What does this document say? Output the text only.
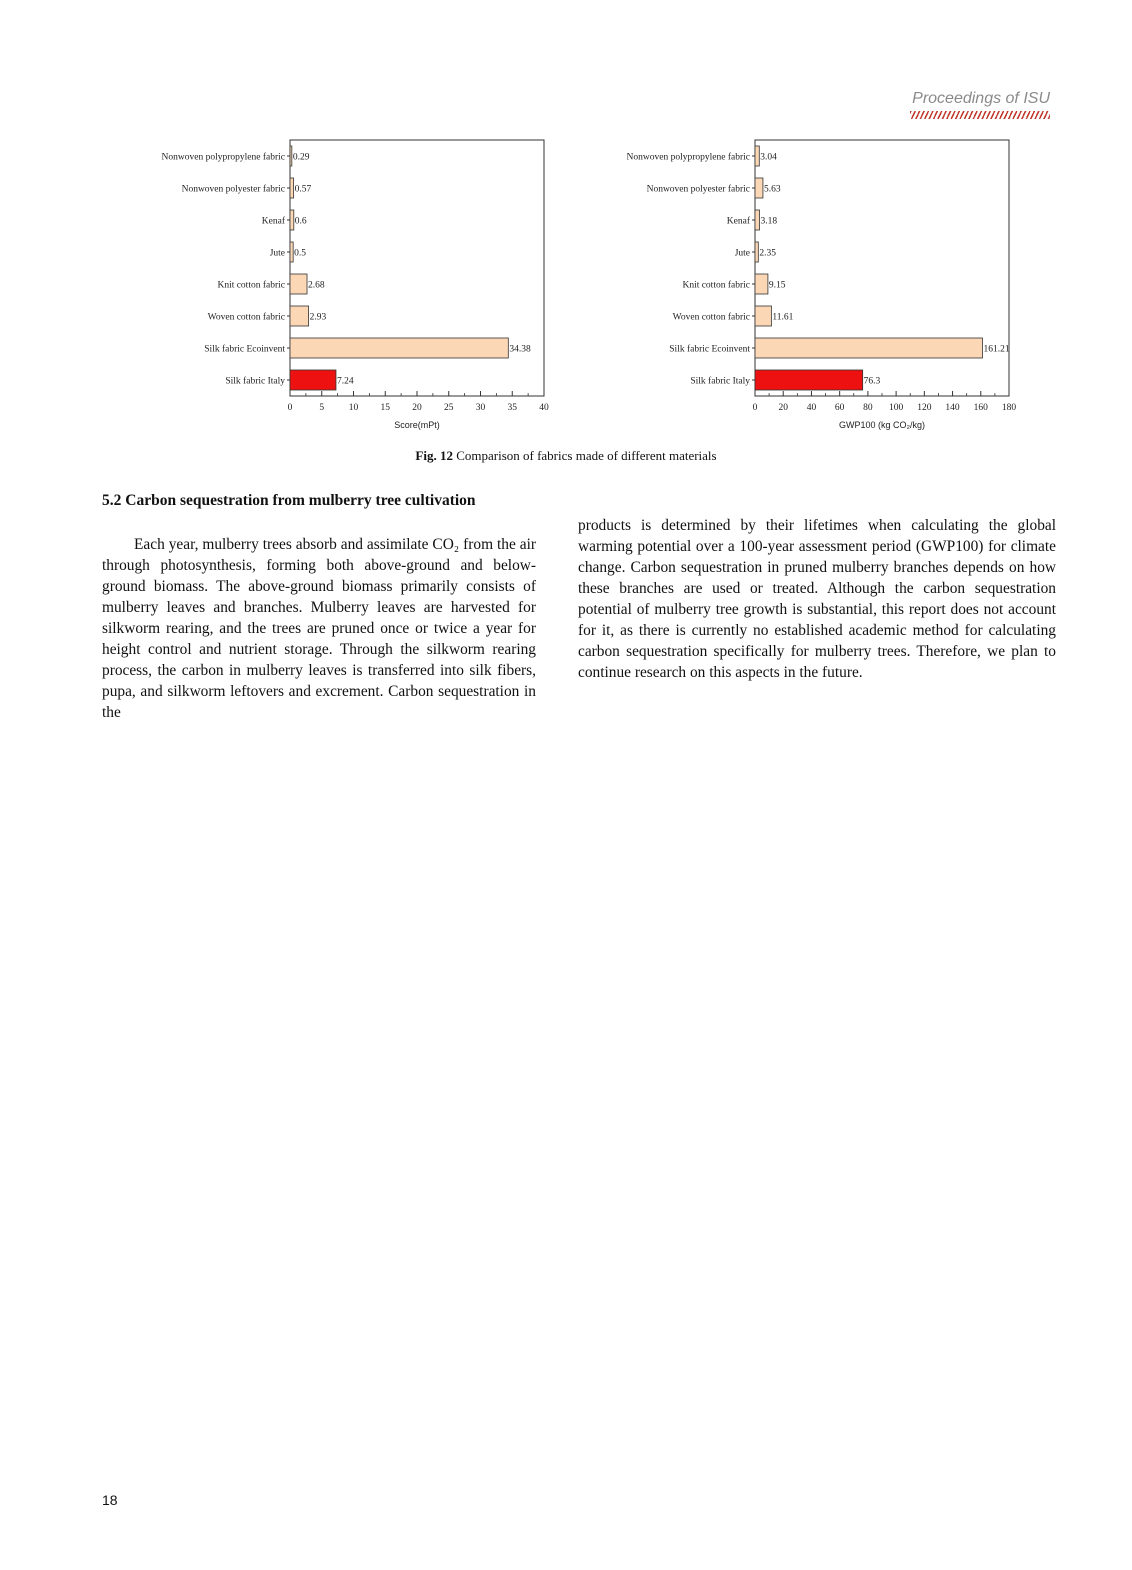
Proceedings of ISU
Nonwoven polypropylene fabric 0.29
Nonwoven polyester fabric 0.57
Kenaf 0.6
Jute 0.5
Knit cotton fabric 2.68
Woven cotton fabric	2.93
Silk fabric Ecoinvent	34.38
Silk fabric Italy	7.24
0	5	10 15 20 25 30 35 40
Score(mPt)
Nonwoven polypropylene fabric 3.04
Nonwoven polyester fabric 5.63
Kenaf 3.18
Jute 2.35
Knit cotton fabric 9.15
Woven cotton fabric 11.61
Silk fabric Ecoinvent	161.21
Silk fabric Italy	76.3
0 20 40 60 80 100 120 140 160 180
GWP100 (kg CO₂/kg)
Fig. 12 Comparison of fabrics made of different materials
5.2 Carbon sequestration from mulberry tree cultivation
Each year, mulberry trees absorb and assimilate CO₂ from the air through photosynthesis, forming both above-ground and below-ground biomass. The above-ground biomass primarily consists of mulberry leaves and branches. Mulberry leaves are harvested for silkworm rearing, and the trees are pruned once or twice a year for height control and nutrient storage. Through the silkworm rearing process, the carbon in mulberry leaves is transferred into silk fibers, pupa, and silkworm leftovers and excrement. Carbon sequestration in the
products is determined by their lifetimes when calculating the global warming potential over a 100-year assessment period (GWP100) for climate change. Carbon sequestration in pruned mulberry branches depends on how these branches are used or treated. Although the carbon sequestration potential of mulberry tree growth is substantial, this report does not account for it, as there is currently no established academic method for calculating carbon sequestration specifically for mulberry trees. Therefore, we plan to continue research on this aspects in the future.
18
